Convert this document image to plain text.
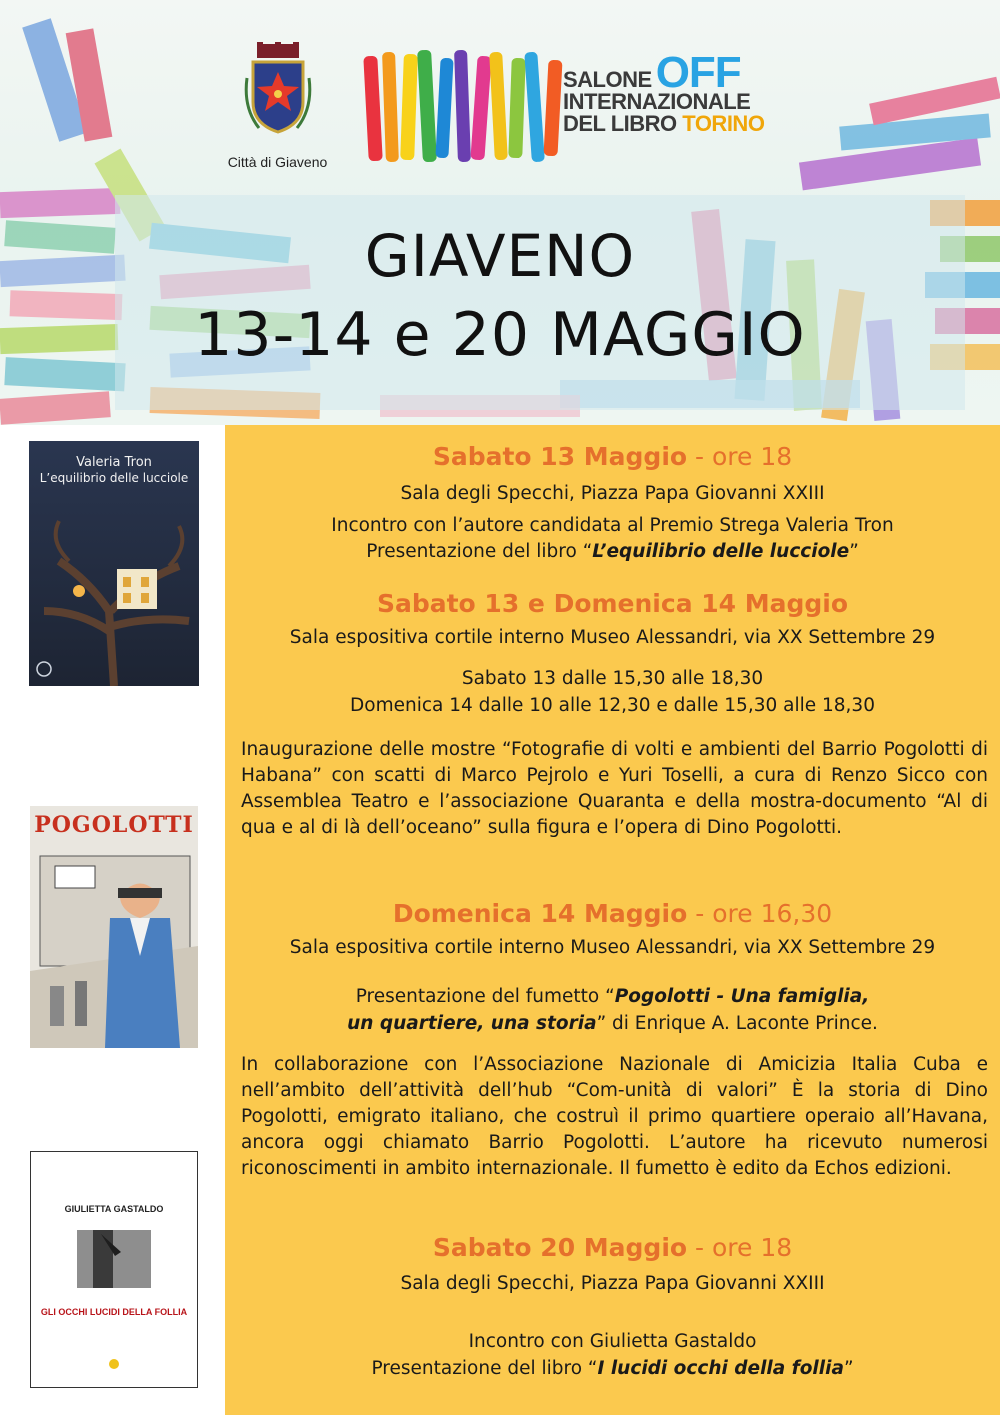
Città di Giaveno
SALONEOFF
INTERNAZIONALE
DEL LIBRO TORINO
GIAVENO
13-14 e 20 MAGGIO
Valeria Tron
L’equilibrio delle lucciole
POGOLOTTI
GIULIETTA GASTALDO
GLI OCCHI LUCIDI DELLA FOLLIA
Sabato 13 Maggio - ore 18
Sala degli Specchi, Piazza Papa Giovanni XXIII
Incontro con l’autore candidata al Premio Strega Valeria Tron
Presentazione del libro “L’equilibrio delle lucciole”
Sabato 13 e Domenica 14 Maggio
Sala espositiva cortile interno Museo Alessandri, via XX Settembre 29
Sabato 13 dalle 15,30 alle 18,30
Domenica 14 dalle 10 alle 12,30 e dalle 15,30 alle 18,30
Inaugurazione delle mostre “Fotografie di volti e ambienti del Barrio Pogolotti di Habana” con scatti di Marco Pejrolo e Yuri Toselli, a cura di Renzo Sicco con Assemblea Teatro e l’associazione Quaranta e della mostra-documento “Al di qua e al di là dell’oceano” sulla figura e l’opera di Dino Pogolotti.
Domenica 14 Maggio - ore 16,30
Sala espositiva cortile interno Museo Alessandri, via XX Settembre 29
Presentazione del fumetto “Pogolotti - Una famiglia,
un quartiere, una storia” di Enrique A. Laconte Prince.
In collaborazione con l’Associazione Nazionale di Amicizia Italia Cuba e nell’ambito dell’attività dell’hub “Com-unità di valori” È la storia di Dino Pogolotti, emigrato italiano, che costruì il primo quartiere operaio all’Havana, ancora oggi chiamato Barrio Pogolotti. L’autore ha ricevuto numerosi riconoscimenti in ambito internazionale. Il fumetto è edito da Echos edizioni.
Sabato 20 Maggio - ore 18
Sala degli Specchi, Piazza Papa Giovanni XXIII
Incontro con Giulietta Gastaldo
Presentazione del libro “I lucidi occhi della follia”
